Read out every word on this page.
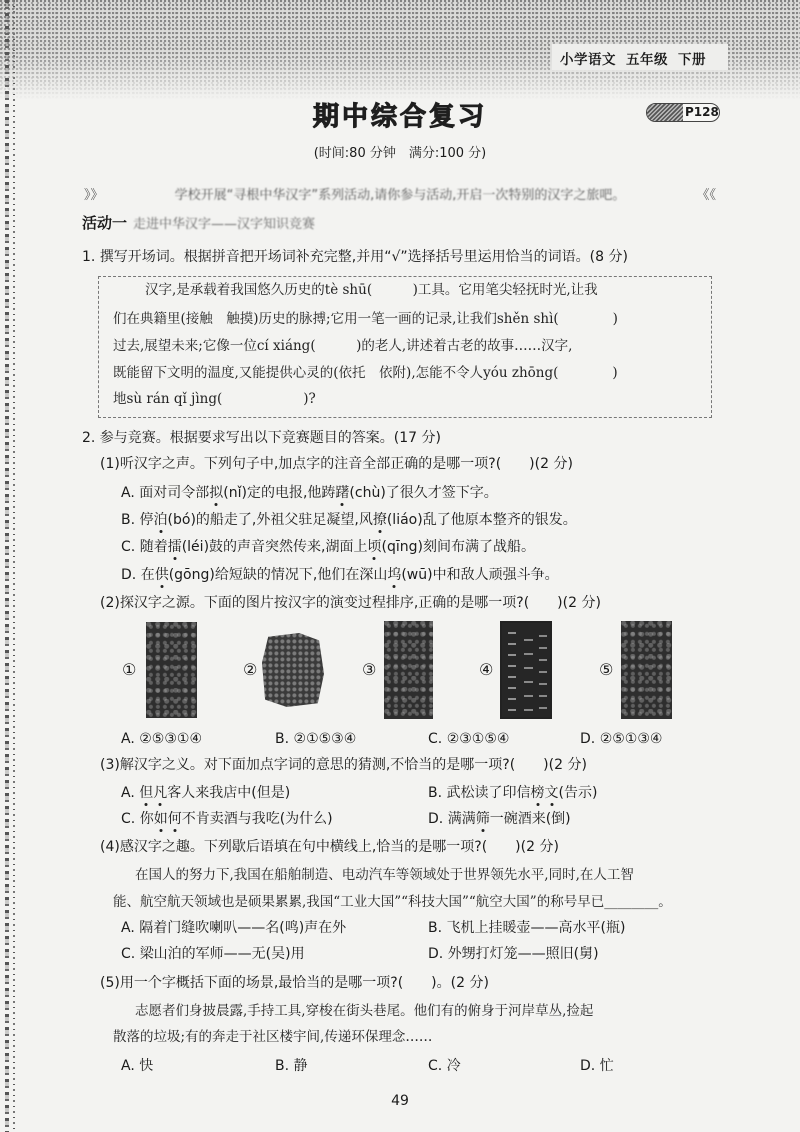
小学语文 五年级 下册
期中综合复习	P128
(时间:80 分钟　满分:100 分)
》》	学校开展“寻根中华汉字”系列活动,请你参与活动,开启一次特别的汉字之旅吧。	《《
活动一 走进中华汉字——汉字知识竞赛
1. 撰写开场词。根据拼音把开场词补充完整,并用“√”选择括号里运用恰当的词语。(8 分)
汉字,是承载着我国悠久历史的tè shū(　　　)工具。它用笔尖轻抚时光,让我
们在典籍里(接触　触摸)历史的脉搏;它用一笔一画的记录,让我们shěn shì(　　　　)
过去,展望未来;它像一位cí xiáng(　　　)的老人,讲述着古老的故事……汉字,
既能留下文明的温度,又能提供心灵的(依托　依附),怎能不令人yóu zhōng(　　　　)
地sù rán qǐ jìng(　　　　　　)?
2. 参与竞赛。根据要求写出以下竞赛题目的答案。(17 分)
(1)听汉字之声。下列句子中,加点字的注音全部正确的是哪一项?(　　)(2 分)
A. 面对司令部拟(nǐ)定的电报,他踌躇(chù)了很久才签下字。
B. 停泊(bó)的船走了,外祖父驻足凝望,风撩(liáo)乱了他原本整齐的银发。
C. 随着擂(léi)鼓的声音突然传来,湖面上顷(qīng)刻间布满了战船。
D. 在供(gōng)给短缺的情况下,他们在深山坞(wū)中和敌人顽强斗争。
(2)探汉字之源。下面的图片按汉字的演变过程排序,正确的是哪一项?(　　)(2 分)
①	②	③	④	⑤
A. ②⑤③①④	B. ②①⑤③④	C. ②③①⑤④	D. ②⑤①③④
(3)解汉字之义。对下面加点字词的意思的猜测,不恰当的是哪一项?(　　)(2 分)
A. 但凡客人来我店中(但是)	B. 武松读了印信榜文(告示)
C. 你如何不肯卖酒与我吃(为什么)	D. 满满筛一碗酒来(倒)
(4)感汉字之趣。下列歇后语填在句中横线上,恰当的是哪一项?(　　)(2 分)
在国人的努力下,我国在船舶制造、电动汽车等领域处于世界领先水平,同时,在人工智
能、航空航天领域也是硕果累累,我国“工业大国”“科技大国”“航空大国”的称号早已________。
A. 隔着门缝吹喇叭——名(鸣)声在外	B. 飞机上挂暖壶——高水平(瓶)
C. 梁山泊的军师——无(吴)用	D. 外甥打灯笼——照旧(舅)
(5)用一个字概括下面的场景,最恰当的是哪一项?(　　)。(2 分)
志愿者们身披晨露,手持工具,穿梭在街头巷尾。他们有的俯身于河岸草丛,捡起
散落的垃圾;有的奔走于社区楼宇间,传递环保理念……
A. 快	B. 静	C. 冷	D. 忙
49
